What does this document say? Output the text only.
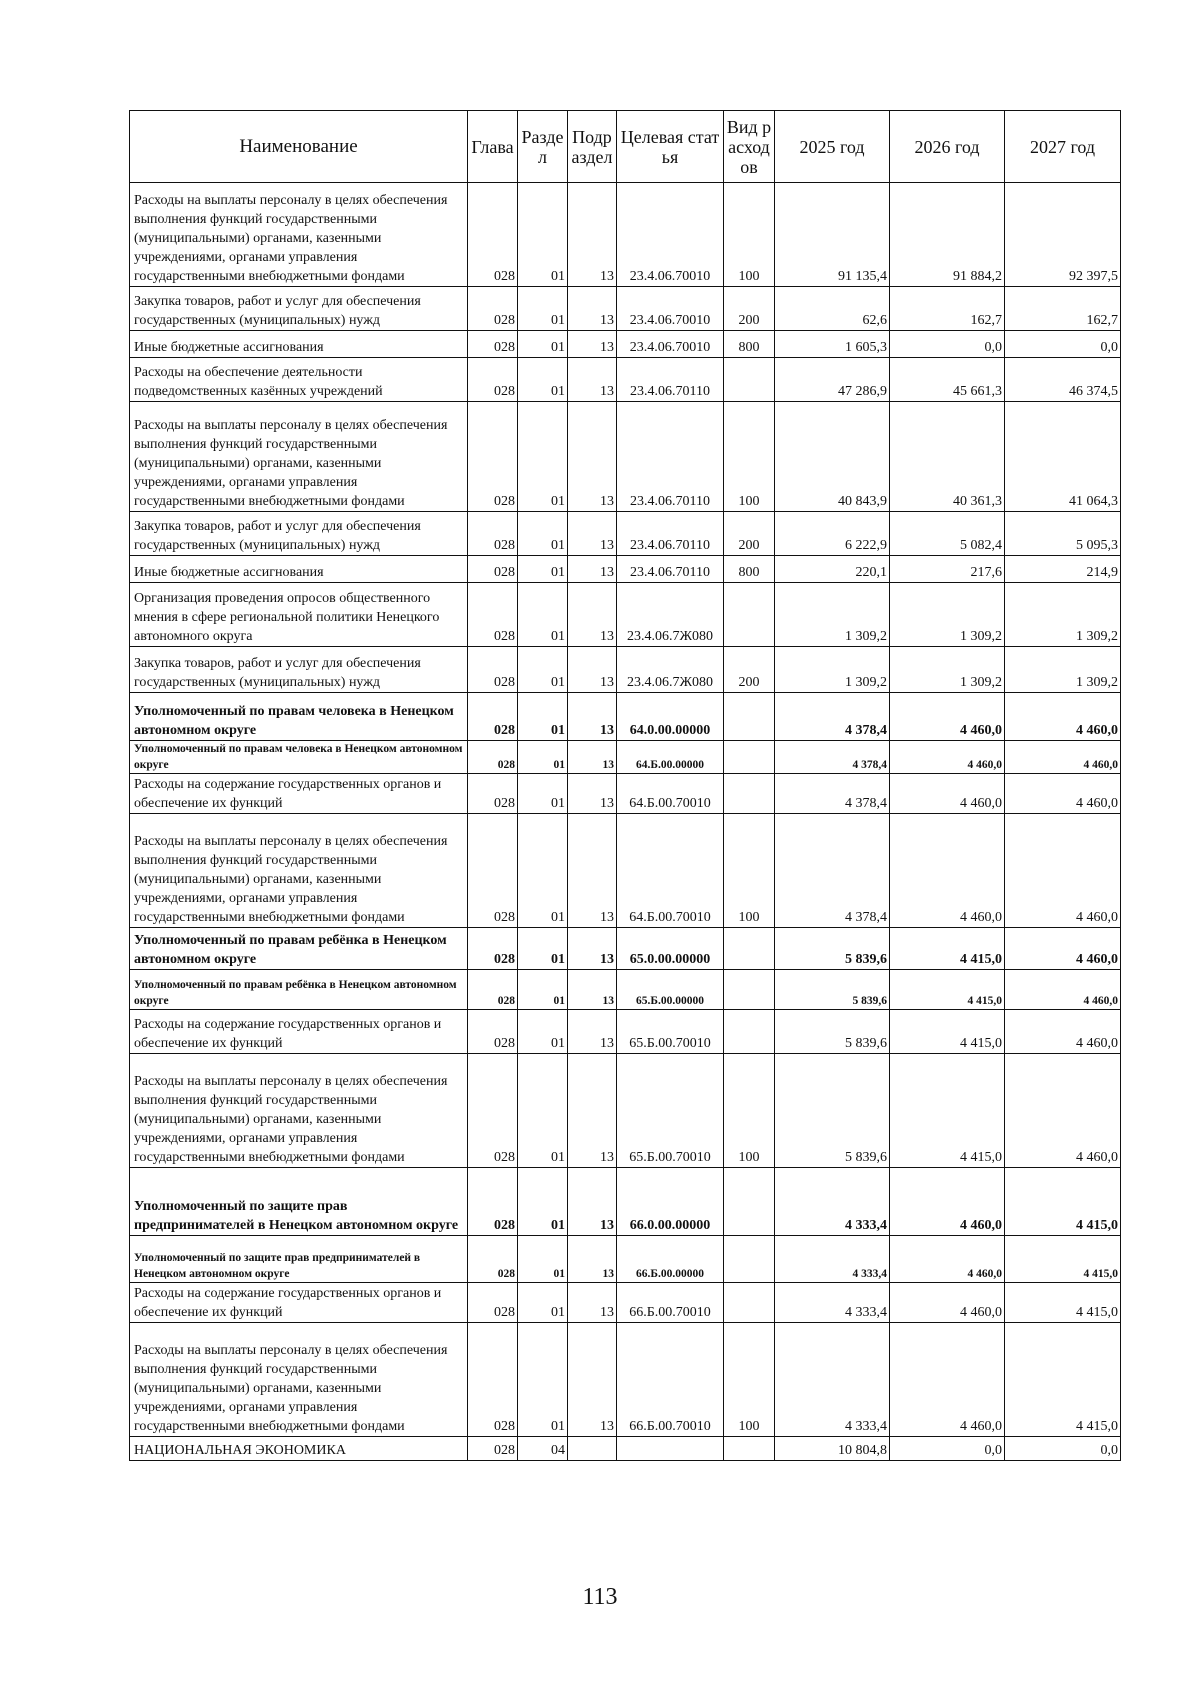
Наименование	Глава	Раздел	Подраздел	Целевая статья	Вид расходов	2025 год	2026 год	2027 год
Расходы на выплаты персоналу в целях обеспечения выполнения функций государственными (муниципальными) органами, казенными учреждениями, органами управления государственными внебюджетными фондами	028	01	13	23.4.06.70010	100	91 135,4	91 884,2	92 397,5
Закупка товаров, работ и услуг для обеспечения государственных (муниципальных) нужд	028	01	13	23.4.06.70010	200	62,6	162,7	162,7
Иные бюджетные ассигнования	028	01	13	23.4.06.70010	800	1 605,3	0,0	0,0
Расходы на обеспечение деятельности подведомственных казённых учреждений	028	01	13	23.4.06.70110		47 286,9	45 661,3	46 374,5
Расходы на выплаты персоналу в целях обеспечения выполнения функций государственными (муниципальными) органами, казенными учреждениями, органами управления государственными внебюджетными фондами	028	01	13	23.4.06.70110	100	40 843,9	40 361,3	41 064,3
Закупка товаров, работ и услуг для обеспечения государственных (муниципальных) нужд	028	01	13	23.4.06.70110	200	6 222,9	5 082,4	5 095,3
Иные бюджетные ассигнования	028	01	13	23.4.06.70110	800	220,1	217,6	214,9
Организация проведения опросов общественного мнения в сфере региональной политики Ненецкого автономного округа	028	01	13	23.4.06.7Ж080		1 309,2	1 309,2	1 309,2
Закупка товаров, работ и услуг для обеспечения государственных (муниципальных) нужд	028	01	13	23.4.06.7Ж080	200	1 309,2	1 309,2	1 309,2
Уполномоченный по правам человека в Ненецком автономном округе	028	01	13	64.0.00.00000		4 378,4	4 460,0	4 460,0
Уполномоченный по правам человека в Ненецком автономном округе	028	01	13	64.Б.00.00000		4 378,4	4 460,0	4 460,0
Расходы на содержание государственных органов и обеспечение их функций	028	01	13	64.Б.00.70010		4 378,4	4 460,0	4 460,0
Расходы на выплаты персоналу в целях обеспечения выполнения функций государственными (муниципальными) органами, казенными учреждениями, органами управления государственными внебюджетными фондами	028	01	13	64.Б.00.70010	100	4 378,4	4 460,0	4 460,0
Уполномоченный по правам ребёнка в Ненецком автономном округе	028	01	13	65.0.00.00000		5 839,6	4 415,0	4 460,0
Уполномоченный по правам ребёнка в Ненецком автономном округе	028	01	13	65.Б.00.00000		5 839,6	4 415,0	4 460,0
Расходы на содержание государственных органов и обеспечение их функций	028	01	13	65.Б.00.70010		5 839,6	4 415,0	4 460,0
Расходы на выплаты персоналу в целях обеспечения выполнения функций государственными (муниципальными) органами, казенными учреждениями, органами управления государственными внебюджетными фондами	028	01	13	65.Б.00.70010	100	5 839,6	4 415,0	4 460,0
Уполномоченный по защите прав предпринимателей в Ненецком автономном округе	028	01	13	66.0.00.00000		4 333,4	4 460,0	4 415,0
Уполномоченный по защите прав предпринимателей в Ненецком автономном округе	028	01	13	66.Б.00.00000		4 333,4	4 460,0	4 415,0
Расходы на содержание государственных органов и обеспечение их функций	028	01	13	66.Б.00.70010		4 333,4	4 460,0	4 415,0
Расходы на выплаты персоналу в целях обеспечения выполнения функций государственными (муниципальными) органами, казенными учреждениями, органами управления государственными внебюджетными фондами	028	01	13	66.Б.00.70010	100	4 333,4	4 460,0	4 415,0
НАЦИОНАЛЬНАЯ ЭКОНОМИКА	028	04				10 804,8	0,0	0,0
113
